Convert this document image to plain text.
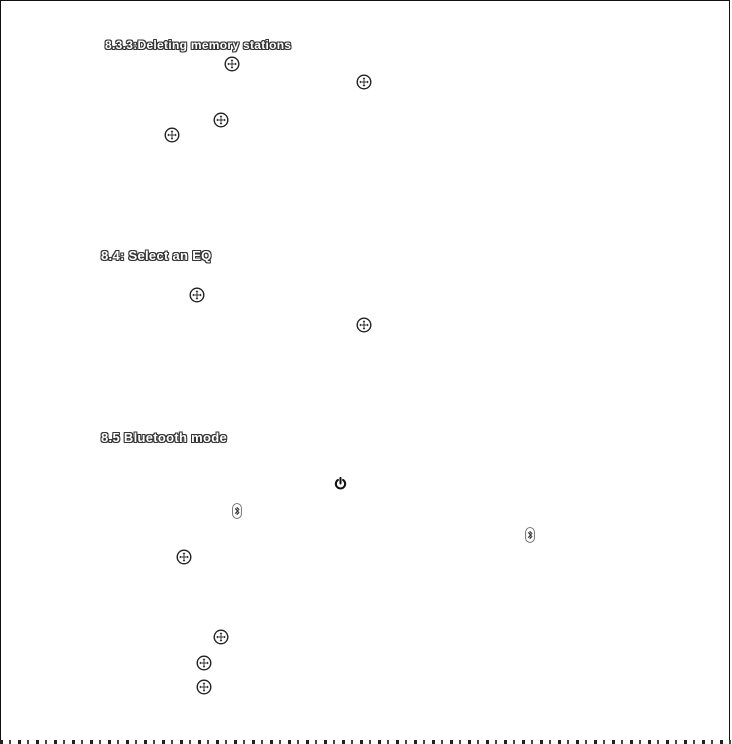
8.3.3:Deleting memory stations
8.4: Select an EQ
8.5 Bluetooth mode
